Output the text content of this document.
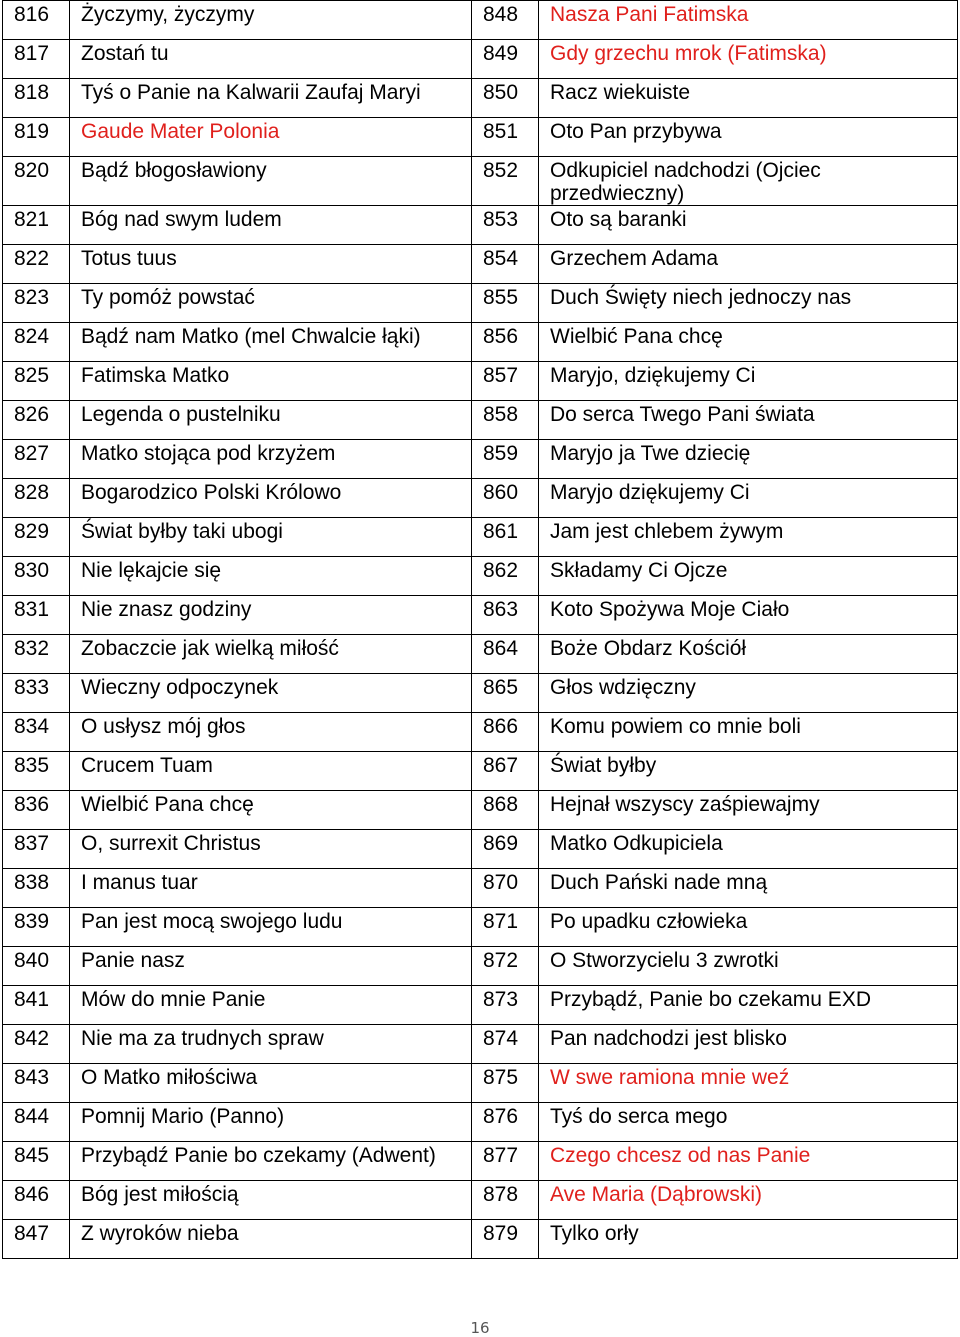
816	Życzymy, życzymy	848	Nasza Pani Fatimska
817	Zostań tu	849	Gdy grzechu mrok (Fatimska)
818	Tyś o Panie na Kalwarii Zaufaj Maryi	850	Racz wiekuiste
819	Gaude Mater Polonia	851	Oto Pan przybywa
820	Bądź błogosławiony	852	Odkupiciel nadchodzi (Ojciec przedwieczny)
821	Bóg nad swym ludem	853	Oto są baranki
822	Totus tuus	854	Grzechem Adama
823	Ty pomóż powstać	855	Duch Święty niech jednoczy nas
824	Bądź nam Matko (mel Chwalcie łąki)	856	Wielbić Pana chcę
825	Fatimska Matko	857	Maryjo, dziękujemy Ci
826	Legenda o pustelniku	858	Do serca Twego Pani świata
827	Matko stojąca pod krzyżem	859	Maryjo ja Twe dziecię
828	Bogarodzico Polski Królowo	860	Maryjo dziękujemy Ci
829	Świat byłby taki ubogi	861	Jam jest chlebem żywym
830	Nie lękajcie się	862	Składamy Ci Ojcze
831	Nie znasz godziny	863	Koto Spożywa Moje Ciało
832	Zobaczcie jak wielką miłość	864	Boże Obdarz Kościół
833	Wieczny odpoczynek	865	Głos wdzięczny
834	O usłysz mój głos	866	Komu powiem co mnie boli
835	Crucem Tuam	867	Świat byłby
836	Wielbić Pana chcę	868	Hejnał wszyscy zaśpiewajmy
837	O, surrexit Christus	869	Matko Odkupiciela
838	I manus tuar	870	Duch Pański nade mną
839	Pan jest mocą swojego ludu	871	Po upadku człowieka
840	Panie nasz	872	O Stworzycielu 3 zwrotki
841	Mów do mnie Panie	873	Przybądź, Panie bo czekamu EXD
842	Nie ma za trudnych spraw	874	Pan nadchodzi jest blisko
843	O Matko miłościwa	875	W swe ramiona mnie weź
844	Pomnij Mario (Panno)	876	Tyś do serca mego
845	Przybądź Panie bo czekamy (Adwent)	877	Czego chcesz od nas Panie
846	Bóg jest miłością	878	Ave Maria (Dąbrowski)
847	Z wyroków nieba	879	Tylko orły
16
